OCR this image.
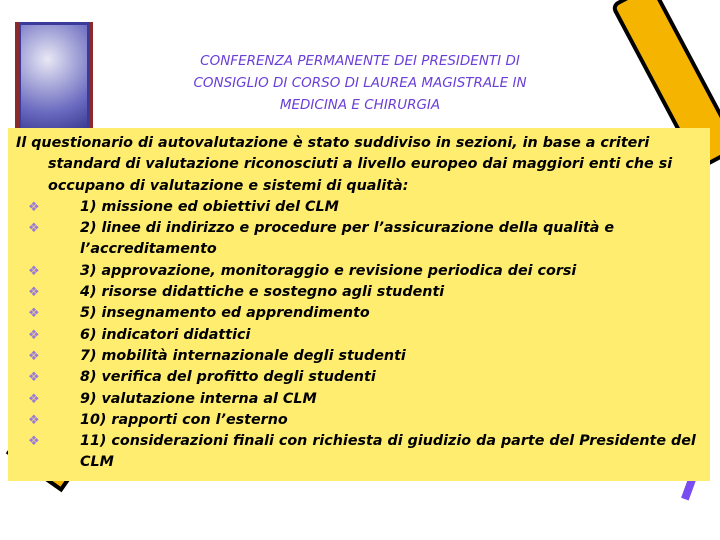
CONFERENZA PERMANENTE DEI PRESIDENTI DI
CONSIGLIO DI CORSO DI LAUREA MAGISTRALE IN
MEDICINA E CHIRURGIA
Il questionario di autovalutazione è stato suddiviso in sezioni, in base a criteri standard di valutazione riconosciuti a livello europeo dai maggiori enti che si occupano di valutazione e sistemi di qualità:
❖	1) missione ed obiettivi del CLM
❖	2) linee di indirizzo e procedure per l’assicurazione della qualità e l’accreditamento
❖	3) approvazione, monitoraggio e revisione periodica dei corsi
❖	4) risorse didattiche e sostegno agli studenti
❖	5) insegnamento ed apprendimento
❖	6) indicatori didattici
❖	7) mobilità internazionale degli studenti
❖	8) verifica del profitto degli studenti
❖	9) valutazione interna al CLM
❖	10) rapporti con l’esterno
❖	11) considerazioni finali con richiesta di giudizio da parte del Presidente del CLM
